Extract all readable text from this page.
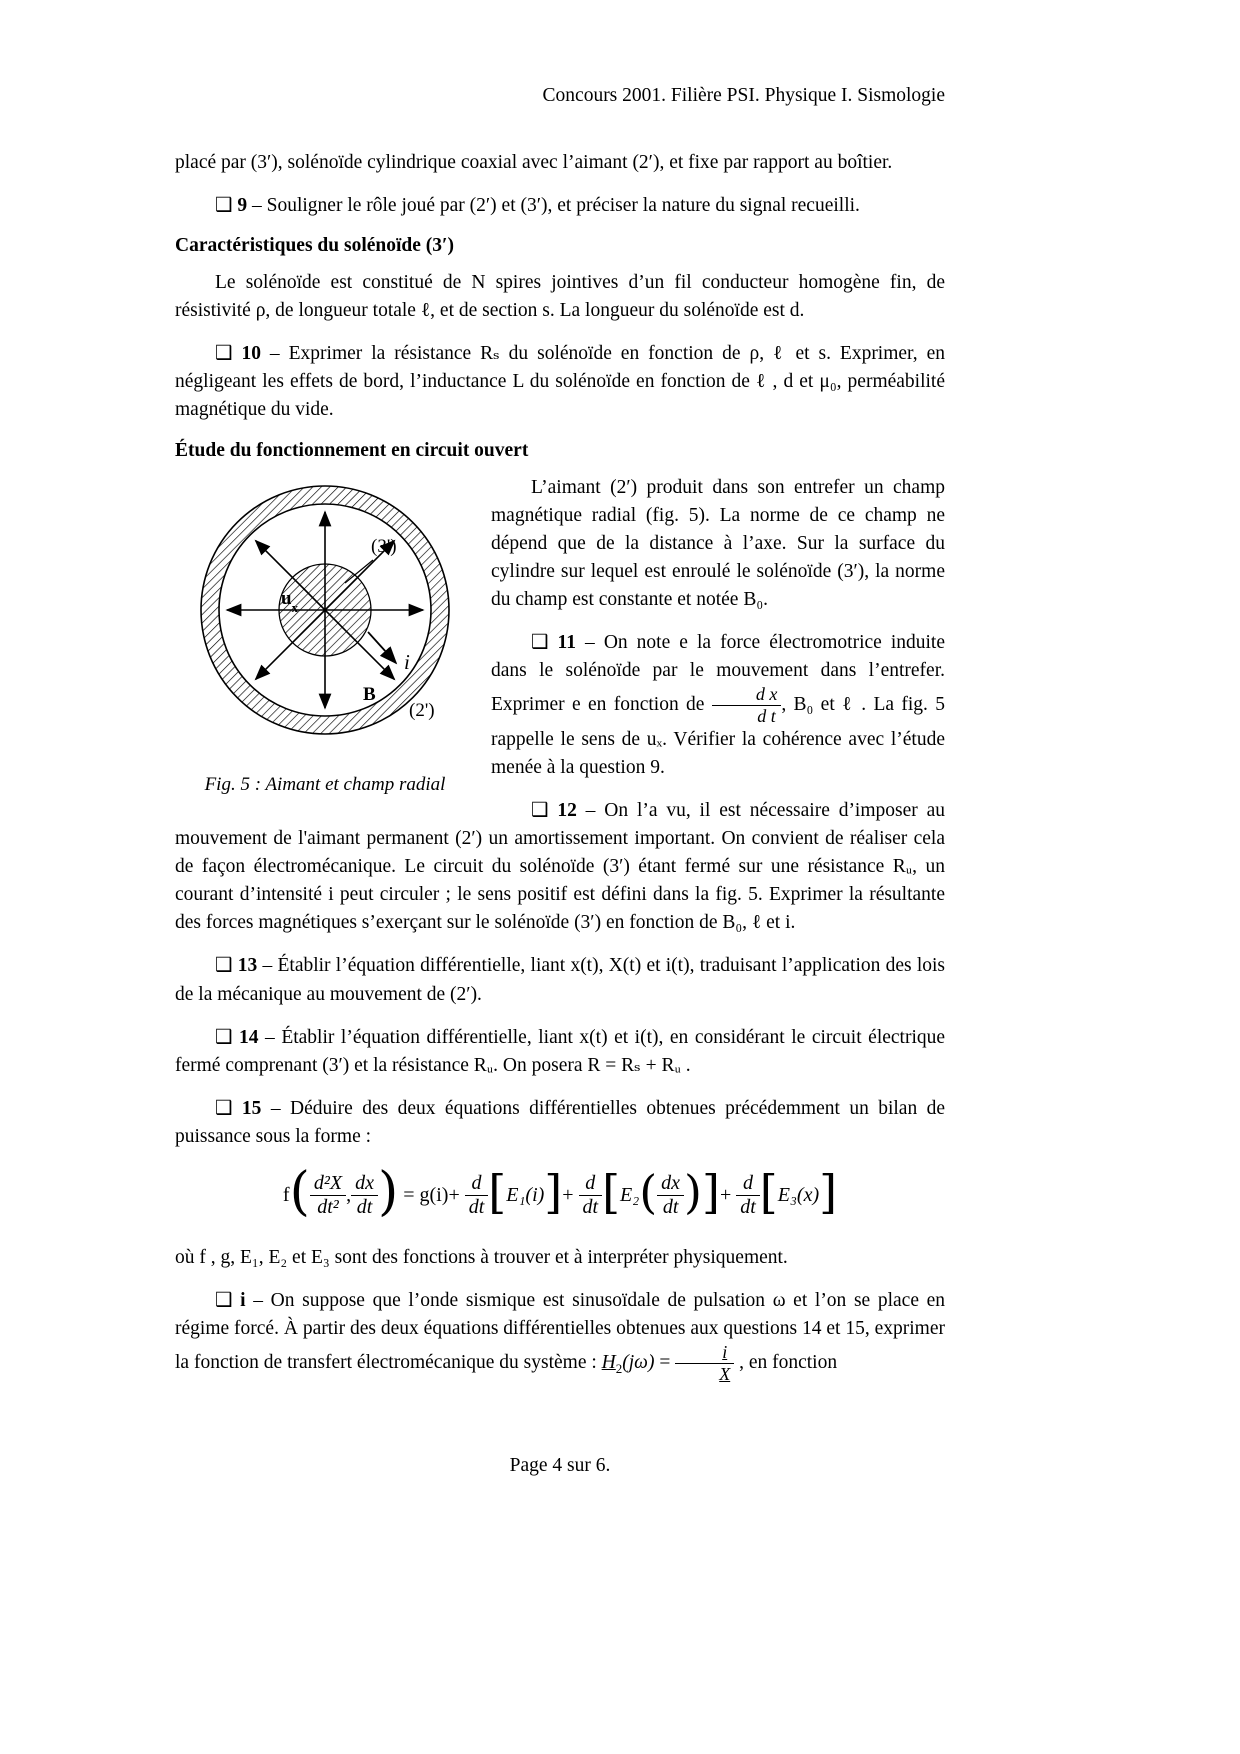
Concours 2001. Filière PSI. Physique I. Sismologie

placé par (3′), solénoïde cylindrique coaxial avec l’aimant (2′), et fixe par rapport au boîtier.

❑ 9 – Souligner le rôle joué par (2′) et (3′), et préciser la nature du signal recueilli.

Caractéristiques du solénoïde (3′)

Le solénoïde est constitué de N spires jointives d’un fil conducteur homogène fin, de résistivité ρ, de longueur totale ℓ, et de section s. La longueur du solénoïde est d.

❑ 10 – Exprimer la résistance Rₛ du solénoïde en fonction de ρ, ℓ et s. Exprimer, en négligeant les effets de bord, l’inductance L du solénoïde en fonction de ℓ , d et μ₀, perméabilité magnétique du vide.

Étude du fonctionnement en circuit ouvert
(3')
$u_x$
i
B
(2')
Fig. 5 : Aimant et champ radial

L’aimant (2′) produit dans son entrefer un champ magnétique radial (fig. 5). La norme de ce champ ne dépend que de la distance à l’axe. Sur la surface du cylindre sur lequel est enroulé le solénoïde (3′), la norme du champ est constante et notée B₀.

❑ 11 – On note e la force électromotrice induite dans le solénoïde par le mouvement dans l’entrefer. Exprimer e en fonction de $\frac{\text{d x}}{\text{d t}}$ , B₀ et ℓ . La fig. 5 rappelle le sens de uₓ. Vérifier la cohérence avec l’étude menée à la question 9.

❑ 12 – On l’a vu, il est nécessaire d’imposer au mouvement de l'aimant permanent (2′) un amortissement important. On convient de réaliser cela de façon électromécanique. Le circuit du solénoïde (3′) étant fermé sur une résistance Rᵤ, un courant d’intensité i peut circuler ; le sens positif est défini dans la fig. 5. Exprimer la résultante des forces magnétiques s’exerçant sur le solénoïde (3′) en fonction de B₀, ℓ et i.

❑ 13 – Établir l’équation différentielle, liant x(t), X(t) et i(t), traduisant l’application des lois de la mécanique au mouvement de (2′).

❑ 14 – Établir l’équation différentielle, liant x(t) et i(t), en considérant le circuit électrique fermé comprenant (3′) et la résistance Rᵤ. On posera R = Rₛ + Rᵤ .

❑ 15 – Déduire des deux équations différentielles obtenues précédemment un bilan de puissance sous la forme :

$f( \frac{\text{d²X}}{\text{dt²}}$ , $\frac{dx}{dt}$ ) = $g(i)+ \frac{d}{dt} [E_1(i)]+ \frac{d}{dt} [E_2( \frac{dx}{dt}$ )]+ $\frac{d}{dt} [E_3(x)]$

où f , g, E₁, E₂ et E₃ sont des fonctions à trouver et à interpréter physiquement.

❑ i – On suppose que l’onde sismique est sinusoïdale de pulsation ω et l’on se place en régime forcé. À partir des deux équations différentielles obtenues aux questions 14 et 15, exprimer la fonction de transfert électromécanique du système : $H_2(j\omega) = \frac{i}{X}$ , en fonction

Page 4 sur 6.
